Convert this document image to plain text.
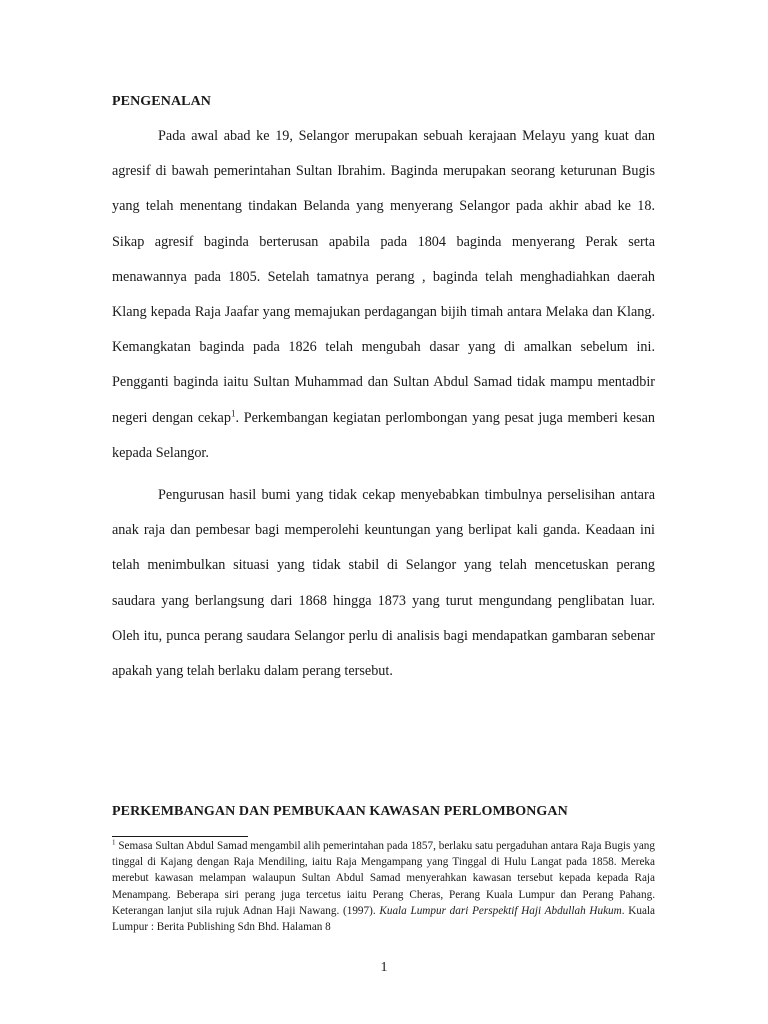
PENGENALAN

Pada awal abad ke 19, Selangor merupakan sebuah kerajaan Melayu yang kuat dan agresif di bawah pemerintahan Sultan Ibrahim. Baginda merupakan seorang keturunan Bugis yang telah menentang tindakan Belanda yang menyerang Selangor pada akhir abad ke 18. Sikap agresif baginda berterusan apabila pada 1804 baginda menyerang Perak serta menawannya pada 1805. Setelah tamatnya perang , baginda telah menghadiahkan daerah Klang kepada Raja Jaafar yang memajukan perdagangan bijih timah antara Melaka dan Klang. Kemangkatan baginda pada 1826 telah mengubah dasar yang di amalkan sebelum ini. Pengganti baginda iaitu Sultan Muhammad dan Sultan Abdul Samad tidak mampu mentadbir negeri dengan cekap$^1$. Perkembangan kegiatan perlombongan yang pesat juga memberi kesan kepada Selangor.

Pengurusan hasil bumi yang tidak cekap menyebabkan timbulnya perselisihan antara anak raja dan pembesar bagi memperolehi keuntungan yang berlipat kali ganda. Keadaan ini telah menimbulkan situasi yang tidak stabil di Selangor yang telah mencetuskan perang saudara yang berlangsung dari 1868 hingga 1873 yang turut mengundang penglibatan luar. Oleh itu, punca perang saudara Selangor perlu di analisis bagi mendapatkan gambaran sebenar apakah yang telah berlaku dalam perang tersebut.

PERKEMBANGAN DAN PEMBUKAAN KAWASAN PERLOMBONGAN

$^1$ Semasa Sultan Abdul Samad mengambil alih pemerintahan pada 1857, berlaku satu pergaduhan antara Raja Bugis yang tinggal di Kajang dengan Raja Mendiling, iaitu Raja Mengampang yang Tinggal di Hulu Langat pada 1858. Mereka merebut kawasan melampan walaupun Sultan Abdul Samad menyerahkan kawasan tersebut kepada kepada Raja Menampang. Beberapa siri perang juga tercetus iaitu Perang Cheras, Perang Kuala Lumpur dan Perang Pahang. Keterangan lanjut sila rujuk Adnan Haji Nawang. (1997). Kuala Lumpur dari Perspektif Haji Abdullah Hukum. Kuala Lumpur : Berita Publishing Sdn Bhd. Halaman 8

1
